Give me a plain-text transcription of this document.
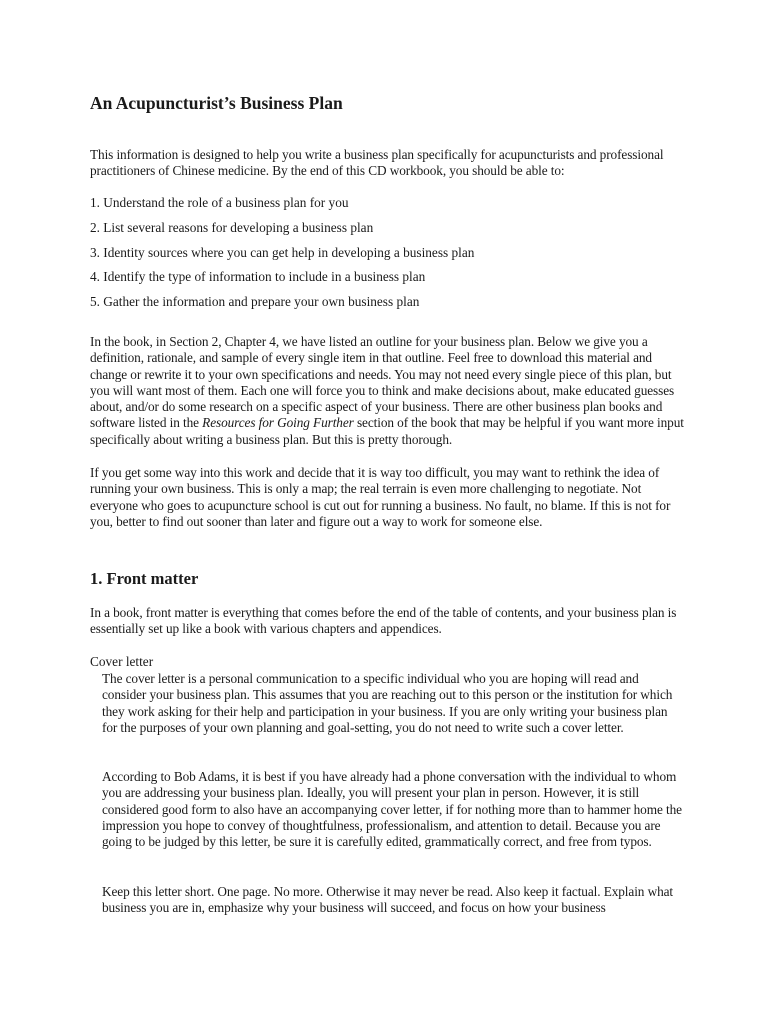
An Acupuncturist’s Business Plan

This information is designed to help you write a business plan specifically for acupuncturists and professional practitioners of Chinese medicine. By the end of this CD workbook, you should be able to:

1. Understand the role of a business plan for you
2. List several reasons for developing a business plan
3. Identity sources where you can get help in developing a business plan
4. Identify the type of information to include in a business plan
5. Gather the information and prepare your own business plan

In the book, in Section 2, Chapter 4, we have listed an outline for your business plan. Below we give you a definition, rationale, and sample of every single item in that outline. Feel free to download this material and change or rewrite it to your own specifications and needs. You may not need every single piece of this plan, but you will want most of them. Each one will force you to think and make decisions about, make educated guesses about, and/or do some research on a specific aspect of your business. There are other business plan books and software listed in the Resources for Going Further section of the book that may be helpful if you want more input specifically about writing a business plan. But this is pretty thorough.

If you get some way into this work and decide that it is way too difficult, you may want to rethink the idea of running your own business. This is only a map; the real terrain is even more challenging to negotiate. Not everyone who goes to acupuncture school is cut out for running a business. No fault, no blame. If this is not for you, better to find out sooner than later and figure out a way to work for someone else.

1. Front matter

In a book, front matter is everything that comes before the end of the table of contents, and your business plan is essentially set up like a book with various chapters and appendices.

Cover letter

The cover letter is a personal communication to a specific individual who you are hoping will read and consider your business plan. This assumes that you are reaching out to this person or the institution for which they work asking for their help and participation in your business. If you are only writing your business plan for the purposes of your own planning and goal-setting, you do not need to write such a cover letter.

According to Bob Adams, it is best if you have already had a phone conversation with the individual to whom you are addressing your business plan. Ideally, you will present your plan in person. However, it is still considered good form to also have an accompanying cover letter, if for nothing more than to hammer home the impression you hope to convey of thoughtfulness, professionalism, and attention to detail. Because you are going to be judged by this letter, be sure it is carefully edited, grammatically correct, and free from typos.

Keep this letter short. One page. No more. Otherwise it may never be read. Also keep it factual. Explain what business you are in, emphasize why your business will succeed, and focus on how your business
